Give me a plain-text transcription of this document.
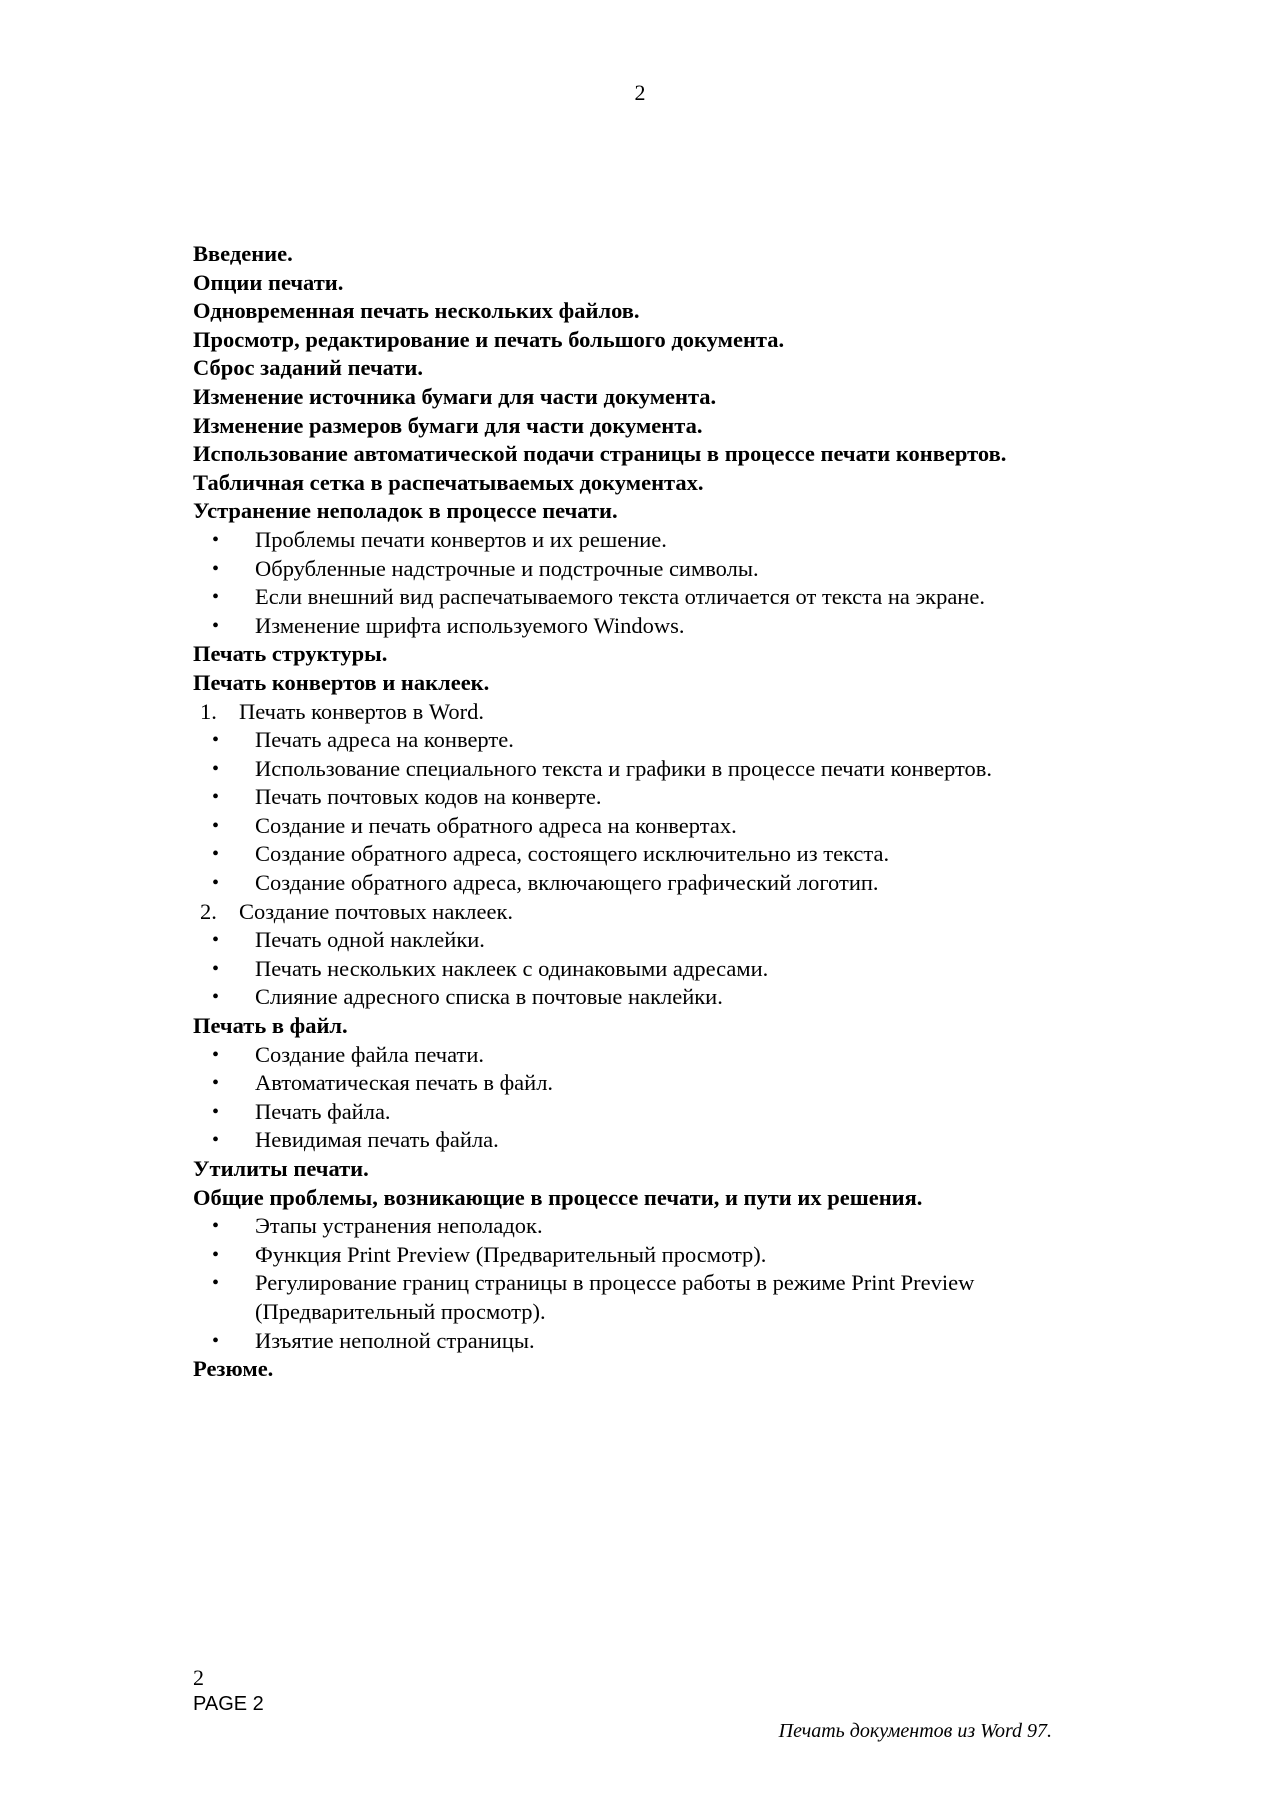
2

Введение.

Опции печати.

Одновременная печать нескольких файлов.

Просмотр, редактирование и печать большого документа.

Сброс заданий печати.

Изменение источника бумаги для части документа.

Изменение размеров бумаги для части документа.

Использование автоматической подачи страницы в процессе печати конвертов.

Табличная сетка в распечатываемых документах.

Устранение неполадок в процессе печати.

• Проблемы печати конвертов и их решение.

• Обрубленные надстрочные и подстрочные символы.

• Если внешний вид распечатываемого текста отличается от текста на экране.

• Изменение шрифта используемого Windows.

Печать структуры.

Печать конвертов и наклеек.

1. Печать конвертов в Word.

• Печать адреса на конверте.

• Использование специального текста и графики в процессе печати конвертов.

• Печать почтовых кодов на конверте.

• Создание и печать обратного адреса на конвертах.

• Создание обратного адреса, состоящего исключительно из текста.

• Создание обратного адреса, включающего графический логотип.

2. Создание почтовых наклеек.

• Печать одной наклейки.

• Печать нескольких наклеек с одинаковыми адресами.

• Слияние адресного списка в почтовые наклейки.

Печать в файл.

• Создание файла печати.

• Автоматическая печать в файл.

• Печать файла.

• Невидимая печать файла.

Утилиты печати.

Общие проблемы, возникающие в процессе печати, и пути их решения.

• Этапы устранения неполадок.

• Функция Print Preview (Предварительный просмотр).

• Регулирование границ страницы в процессе работы в режиме Print Preview (Предварительный просмотр).

• Изъятие неполной страницы.

Резюме.

2
PAGE 2
Печать документов из Word 97.
